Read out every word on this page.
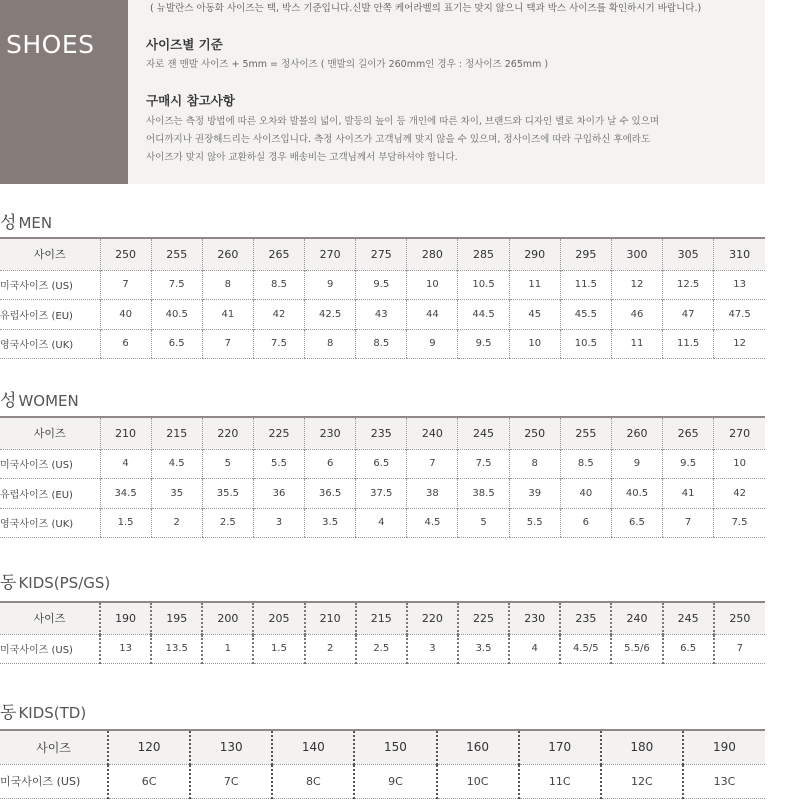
SHOES
( 뉴발란스 아동화 사이즈는 택, 박스 기준입니다.신발 안쪽 케어라벨의 표기는 맞지 않으니 택과 박스 사이즈를 확인하시기 바랍니다.)
사이즈별 기준
자로 잰 맨발 사이즈 + 5mm = 정사이즈 ( 맨발의 길이가 260mm인 경우 : 정사이즈 265mm )
구매시 참고사항
사이즈는 측정 방법에 따른 오차와 발볼의 넓이, 발등의 높이 등 개인에 따른 차이, 브랜드와 디자인 별로 차이가 날 수 있으며
어디까지나 권장해드리는 사이즈입니다. 측정 사이즈가 고객님께 맞지 않을 수 있으며, 정사이즈에 따라 구입하신 후에라도
사이즈가 맞지 않아 교환하실 경우 배송비는 고객님께서 부담하셔야 합니다.
성 MEN
사이즈	250	255	260	265	270	275	280	285	290	295	300	305	310
미국사이즈 (US)	7	7.5	8	8.5	9	9.5	10	10.5	11	11.5	12	12.5	13
유럽사이즈 (EU)	40	40.5	41	42	42.5	43	44	44.5	45	45.5	46	47	47.5
영국사이즈 (UK)	6	6.5	7	7.5	8	8.5	9	9.5	10	10.5	11	11.5	12
성 WOMEN
사이즈	210	215	220	225	230	235	240	245	250	255	260	265	270
미국사이즈 (US)	4	4.5	5	5.5	6	6.5	7	7.5	8	8.5	9	9.5	10
유럽사이즈 (EU)	34.5	35	35.5	36	36.5	37.5	38	38.5	39	40	40.5	41	42
영국사이즈 (UK)	1.5	2	2.5	3	3.5	4	4.5	5	5.5	6	6.5	7	7.5
동 KIDS(PS/GS)
사이즈	190	195	200	205	210	215	220	225	230	235	240	245	250
미국사이즈 (US)	13	13.5	1	1.5	2	2.5	3	3.5	4	4.5/5	5.5/6	6.5	7
동 KIDS(TD)
사이즈	120	130	140	150	160	170	180	190
미국사이즈 (US)	6C	7C	8C	9C	10C	11C	12C	13C
